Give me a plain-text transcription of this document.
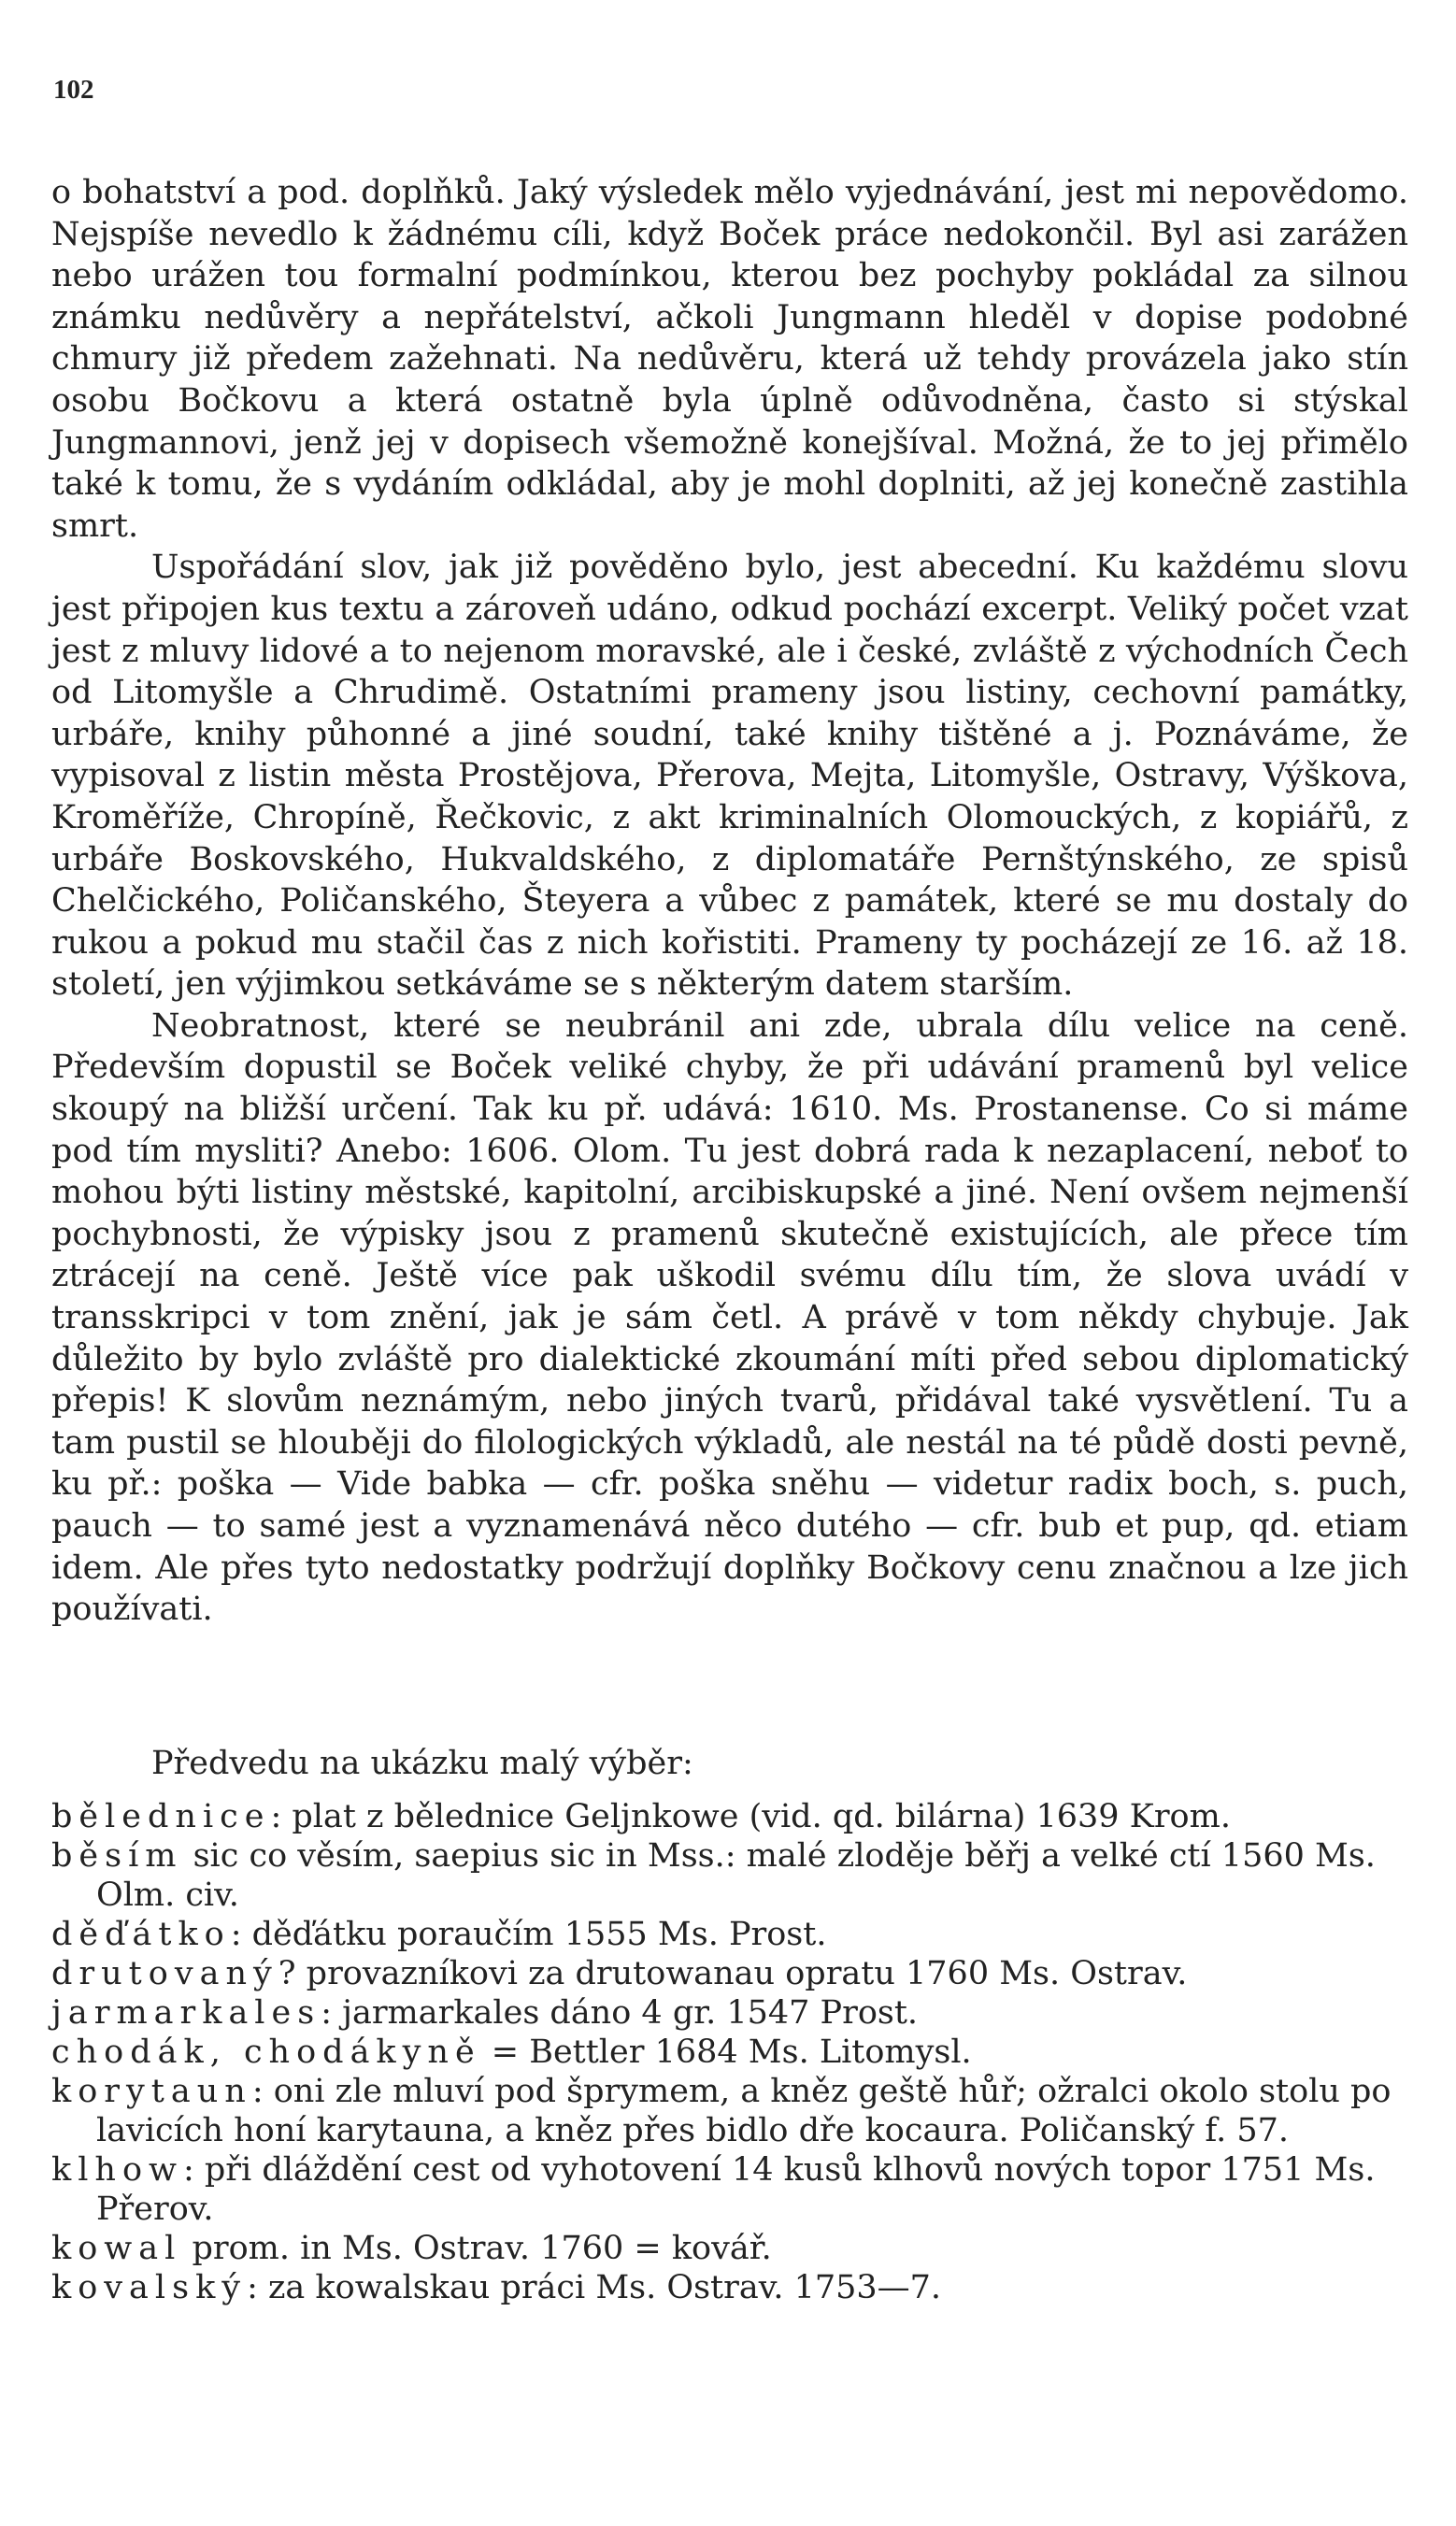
102

o bohatství a pod. doplňků. Jaký výsledek mělo vyjednávání, jest mi nepovědomo. Nejspíše nevedlo k žádnému cíli, když Boček práce nedokončil. Byl asi zarážen nebo urážen tou formalní podmínkou, kterou bez pochyby pokládal za silnou známku nedůvěry a nepřátelství, ačkoli Jungmann hleděl v dopise podobné chmury již předem zažehnati. Na nedůvěru, která už tehdy provázela jako stín osobu Bočkovu a která ostatně byla úplně odůvodněna, často si stýskal Jungmannovi, jenž jej v dopisech všemožně konejšíval. Možná, že to jej přimělo také k tomu, že s vydáním odkládal, aby je mohl doplniti, až jej konečně zastihla smrt.

Uspořádání slov, jak již pověděno bylo, jest abecední. Ku každému slovu jest připojen kus textu a zároveň udáno, odkud pochází excerpt. Veliký počet vzat jest z mluvy lidové a to nejenom moravské, ale i české, zvláště z východních Čech od Litomyšle a Chrudimě. Ostatními prameny jsou listiny, cechovní památky, urbáře, knihy půhonné a jiné soudní, také knihy tištěné a j. Poznáváme, že vypisoval z listin města Prostějova, Přerova, Mejta, Litomyšle, Ostravy, Výškova, Kroměříže, Chropíně, Řečkovic, z akt kriminalních Olomouckých, z kopiářů, z urbáře Boskovského, Hukvaldského, z diplomatáře Pernštýnského, ze spisů Chelčického, Poličanského, Šteyera a vůbec z památek, které se mu dostaly do rukou a pokud mu stačil čas z nich kořistiti. Prameny ty pocházejí ze 16. až 18. století, jen výjimkou setkáváme se s některým datem starším.

Neobratnost, které se neubránil ani zde, ubrala dílu velice na ceně. Především dopustil se Boček veliké chyby, že při udávání pramenů byl velice skoupý na bližší určení. Tak ku př. udává: 1610. Ms. Prostanense. Co si máme pod tím mysliti? Anebo: 1606. Olom. Tu jest dobrá rada k nezaplacení, neboť to mohou býti listiny městské, kapitolní, arcibiskupské a jiné. Není ovšem nejmenší pochybnosti, že výpisky jsou z pramenů skutečně existujících, ale přece tím ztrácejí na ceně. Ještě více pak uškodil svému dílu tím, že slova uvádí v transskripci v tom znění, jak je sám četl. A právě v tom někdy chybuje. Jak důležito by bylo zvláště pro dialektické zkoumání míti před sebou diplomatický přepis! K slovům neznámým, nebo jiných tvarů, přidával také vysvětlení. Tu a tam pustil se hlouběji do filologických výkladů, ale nestál na té půdě dosti pevně, ku př.: poška — Vide babka — cfr. poška sněhu — videtur radix boch, s. puch, pauch — to samé jest a vyznamenává něco dutého — cfr. bub et pup, qd. etiam idem. Ale přes tyto nedostatky podržují doplňky Bočkovy cenu značnou a lze jich používati.

Předvedu na ukázku malý výběr:

bělednice: plat z bělednice Geljnkowe (vid. qd. bilárna) 1639 Krom.

běsím sic co věsím, saepius sic in Mss.: malé zloděje běřj a velké ctí 1560 Ms. Olm. civ.

děďátko: děďátku poraučím 1555 Ms. Prost.

drutovaný? provazníkovi za drutowanau opratu 1760 Ms. Ostrav.

jarmarkales: jarmarkales dáno 4 gr. 1547 Prost.

chodák, chodákyně = Bettler 1684 Ms. Litomysl.

korytaun: oni zle mluví pod šprymem, a kněz geště hůř; ožralci okolo stolu po lavicích honí karytauna, a kněz přes bidlo dře kocaura. Poličanský f. 57.

klhow: při dláždění cest od vyhotovení 14 kusů klhovů nových topor 1751 Ms. Přerov.

kowal prom. in Ms. Ostrav. 1760 = kovář.

kovalský: za kowalskau práci Ms. Ostrav. 1753—7.
